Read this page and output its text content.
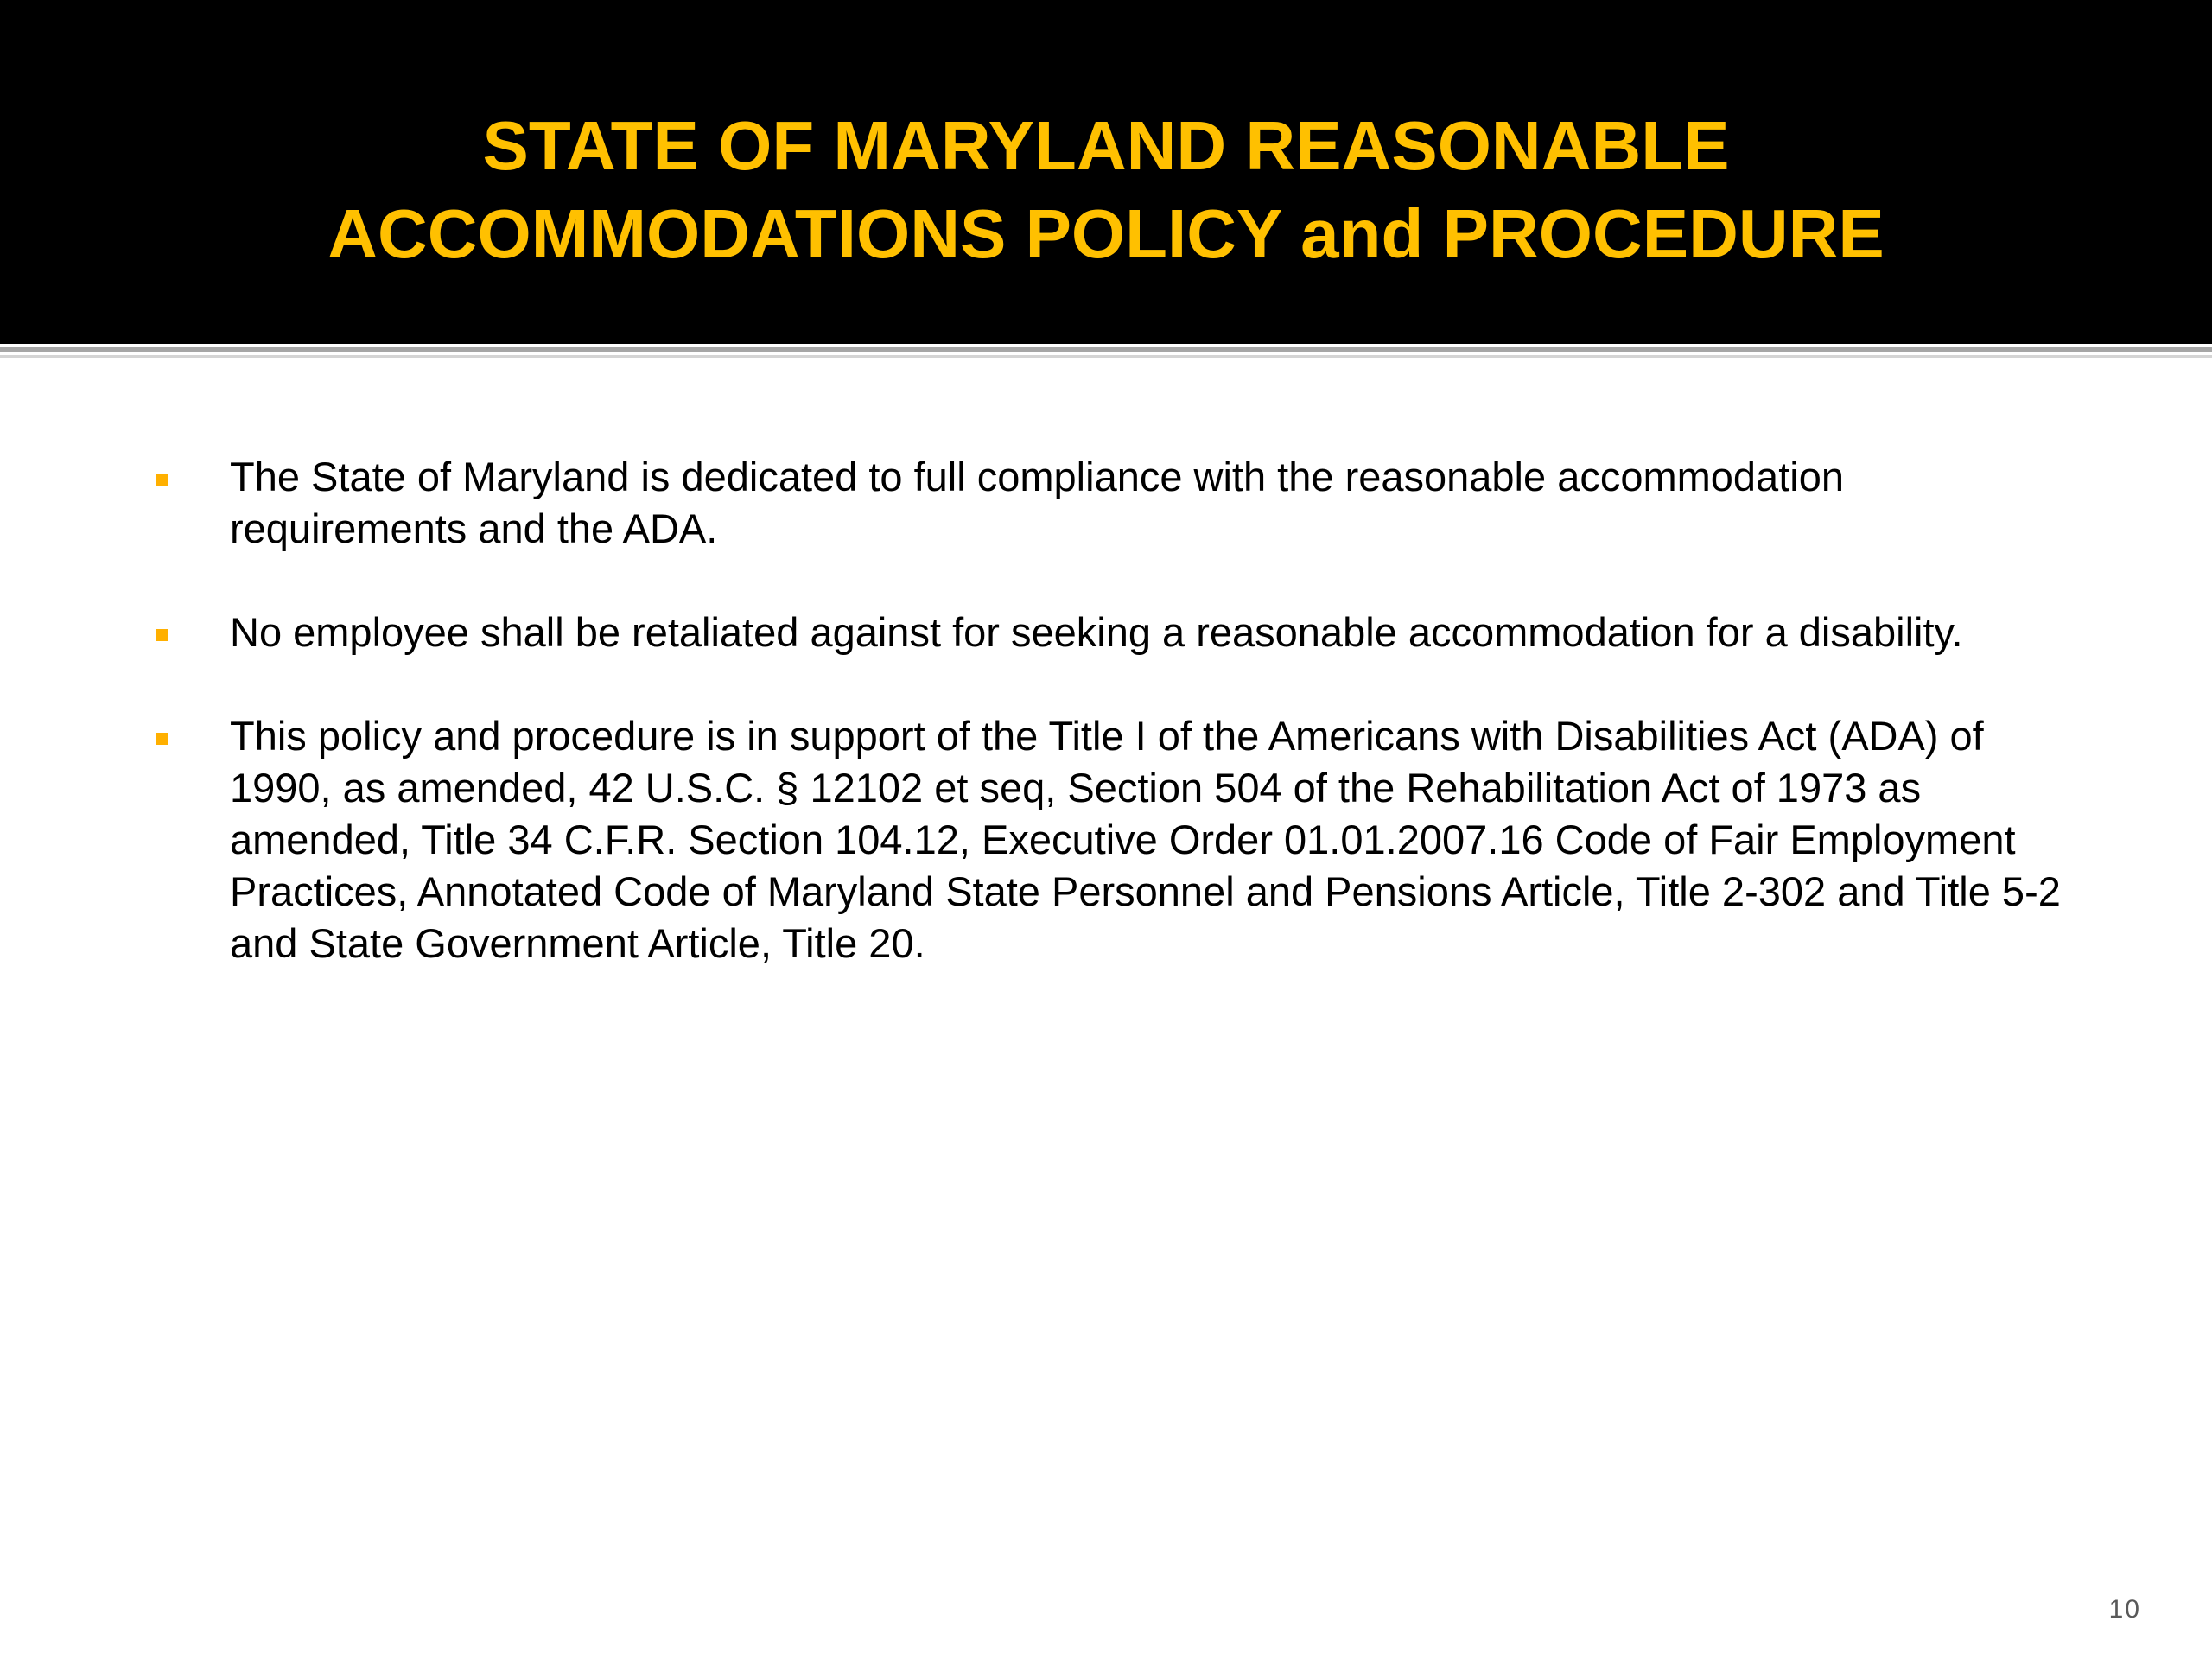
STATE OF MARYLAND REASONABLE
ACCOMMODATIONS POLICY and PROCEDURE
The State of Maryland is dedicated to full compliance with the reasonable accommodation requirements and the ADA.
No employee shall be retaliated against for seeking a reasonable accommodation for a disability.
This policy and procedure is in support of the Title I of the Americans with Disabilities Act (ADA) of 1990, as amended, 42 U.S.C. § 12102 et seq, Section 504 of the Rehabilitation Act of 1973 as amended, Title 34 C.F.R. Section 104.12, Executive Order 01.01.2007.16 Code of Fair Employment Practices, Annotated Code of Maryland State Personnel and Pensions Article, Title 2-302 and Title 5-2 and State Government Article, Title 20.
10
